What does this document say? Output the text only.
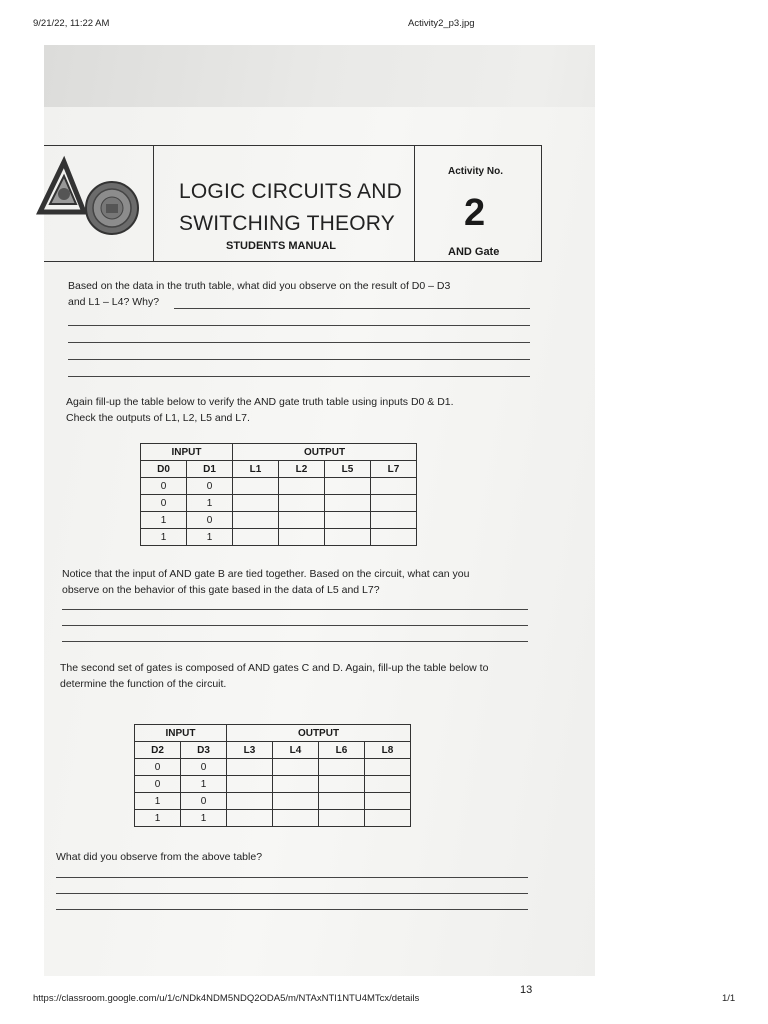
9/21/22, 11:22 AM	Activity2_p3.jpg
LOGIC CIRCUITS AND
SWITCHING THEORY
STUDENTS MANUAL
Activity No.
2
AND Gate
Based on the data in the truth table, what did you observe on the result of D0 – D3
and L1 – L4? Why?
Again fill-up the table below to verify the AND gate truth table using inputs D0 & D1.
Check the outputs of L1, L2, L5 and L7.
INPUT		OUTPUT			
D0	D1	L1	L2	L5	L7
0	0				
0	1				
1	0				
1	1				
Notice that the input of AND gate B are tied together. Based on the circuit, what can you
observe on the behavior of this gate based in the data of L5 and L7?
The second set of gates is composed of AND gates C and D. Again, fill-up the table below to
determine the function of the circuit.
INPUT		OUTPUT			
D2	D3	L3	L4	L6	L8
0	0				
0	1				
1	0				
1	1				
What did you observe from the above table?
13
https://classroom.google.com/u/1/c/NDk4NDM5NDQ2ODA5/m/NTAxNTI1NTU4MTcx/details	1/1
